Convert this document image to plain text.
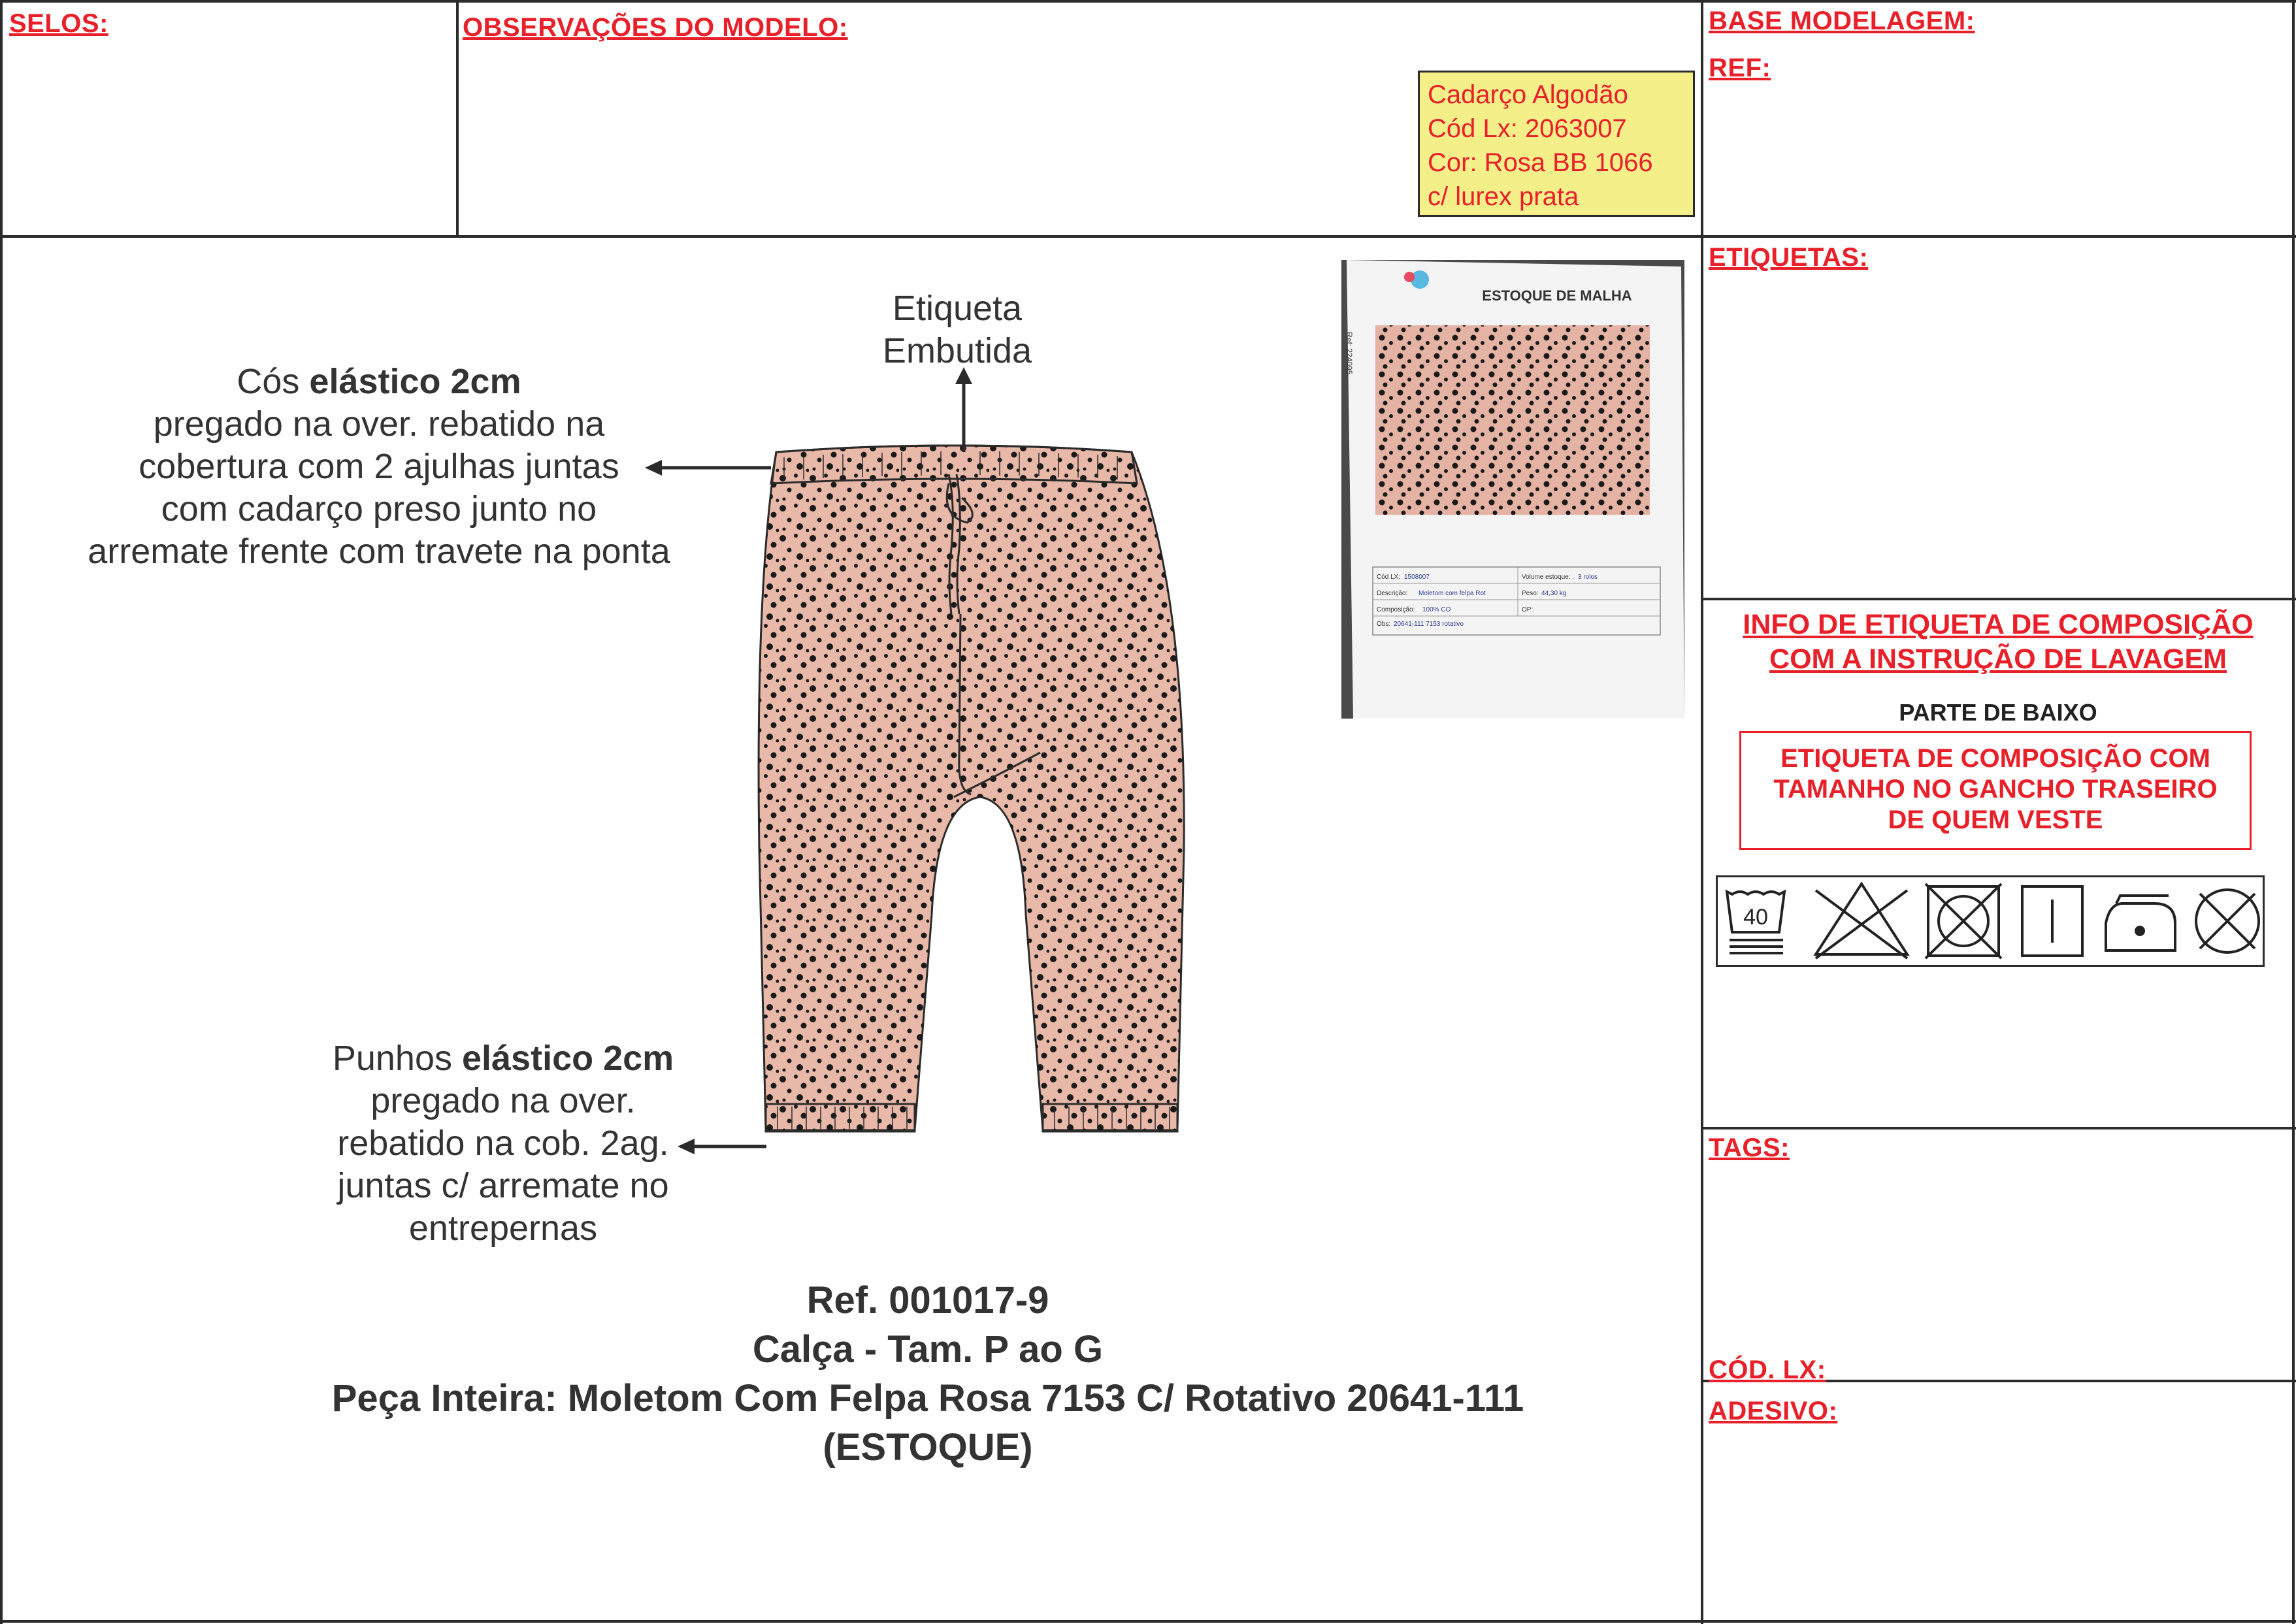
SELOS:	OBSERVAÇÕES DO MODELO:	BASE MODELAGEM:
REF:
Cadarço Algodão
Cód Lx: 2063007
Cor: Rosa BB 1066
c/ lurex prata
ETIQUETAS:
INFO DE ETIQUETA DE COMPOSIÇÃO
COM A INSTRUÇÃO DE LAVAGEM
PARTE DE BAIXO
ETIQUETA DE COMPOSIÇÃO COM
TAMANHO NO GANCHO TRASEIRO
DE QUEM VESTE
40
TAGS:
CÓD. LX:
ADESIVO:
ESTOQUE DE MALHA
Ref: 224095
Cód LX: 1508007	Volume estoque: 3 rolos
Descrição: Moletom com felpa Rot	Peso: 44,30 kg
Composição: 100% CO	OP:
Obs: 20641-111 7153 rotativo
Etiqueta
Embutida
Cós elástico 2cm
pregado na over. rebatido na
cobertura com 2 ajulhas juntas
com cadarço preso junto no
arremate frente com travete na ponta
Punhos elástico 2cm
pregado na over.
rebatido na cob. 2ag.
juntas c/ arremate no
entrepernas
Ref. 001017-9
Calça - Tam. P ao G
Peça Inteira: Moletom Com Felpa Rosa 7153 C/ Rotativo 20641-111
(ESTOQUE)
